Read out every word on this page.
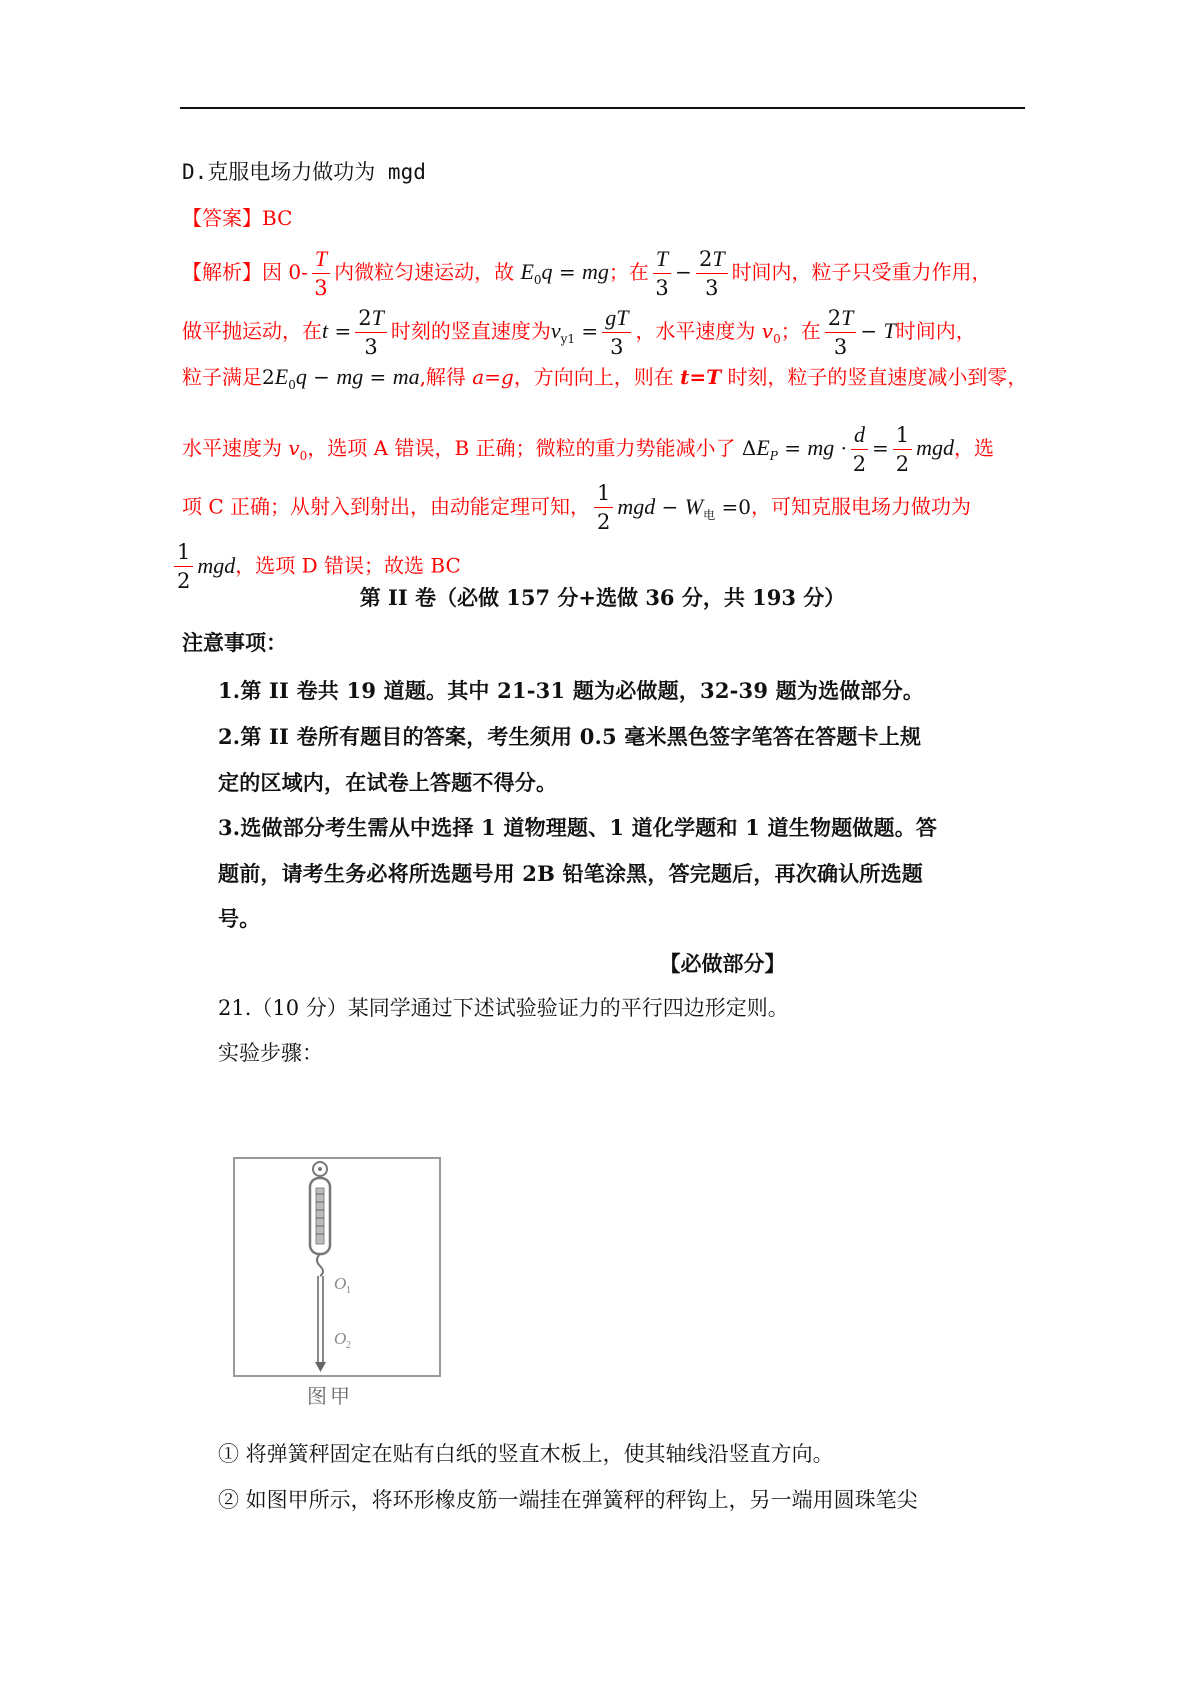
D.克服电场力做功为 mgd
【答案】BC
【解析】因 $0- \frac{T}{3}$ 内微粒匀速运动，故 $E_0q$ = mg；在 $\frac{T}{3} - \frac{2T}{3}$ 时间内，粒子只受重力作用，
做平抛运动，在$t = \frac{2T}{3}$ 时刻的竖直速度为$v_{y1} = \frac{gT}{3}$ ，水平速度为 $v_0$；在 $\frac{2T}{3} - T$时间内，
粒子满足$2E_0q$ − mg = ma,解得 a=g，方向向上，则在 t=T 时刻，粒子的竖直速度减小到零，
水平速度为 $v_0$，选项 A 错误，B 正确；微粒的重力势能减小了 $\Delta E_P$ = mg · $\frac{d}{2} = \frac{1}{2}$ mgd，选
项 C 正确；从射入到射出，由动能定理可知， $\frac{1}{2}$ mgd − $W_电 =0$，可知克服电场力做功为
$\frac{1}{2}$ mgd，选项 D 错误；故选 BC
第 II 卷（必做 157 分+选做 36 分，共 193 分）
注意事项：
1.第 II 卷共 19 道题。其中 21-31 题为必做题，32-39 题为选做部分。
2.第 II 卷所有题目的答案，考生须用 0.5 毫米黑色签字笔答在答题卡上规
定的区域内，在试卷上答题不得分。
3.选做部分考生需从中选择 1 道物理题、1 道化学题和 1 道生物题做题。答
题前，请考生务必将所选题号用 2B 铅笔涂黑，答完题后，再次确认所选题
号。
【必做部分】
21.（10 分）某同学通过下述试验验证力的平行四边形定则。
实验步骤：
O 1
O 2
图甲
① 将弹簧秤固定在贴有白纸的竖直木板上，使其轴线沿竖直方向。
② 如图甲所示，将环形橡皮筋一端挂在弹簧秤的秤钩上，另一端用圆珠笔尖
